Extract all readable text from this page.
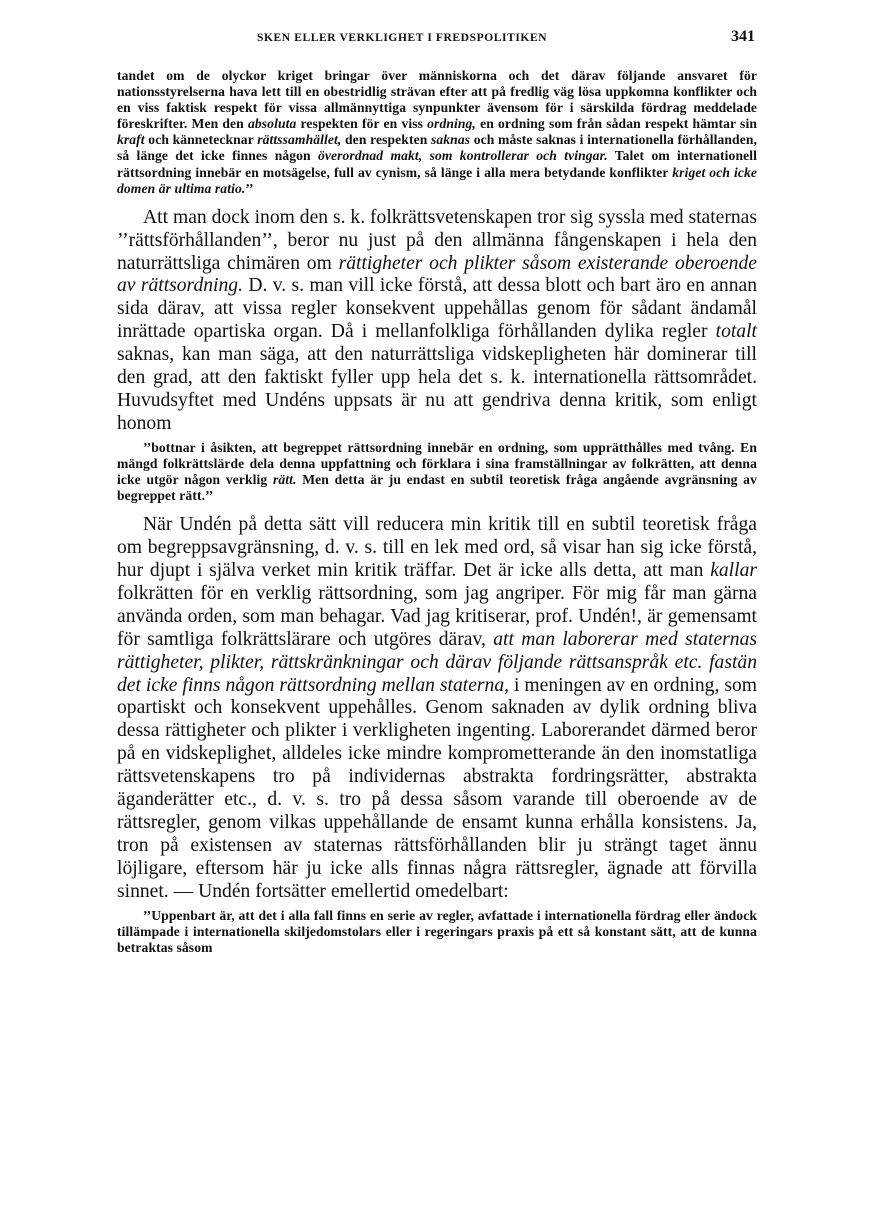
SKEN ELLER VERKLIGHET I FREDSPOLITIKEN	341

tandet om de olyckor kriget bringar över människorna och det därav följande ansvaret för nationsstyrelserna hava lett till en obestridlig strävan efter att på fredlig väg lösa uppkomna konflikter och en viss faktisk respekt för vissa allmännyttiga synpunkter ävensom för i särskilda fördrag meddelade föreskrifter. Men den absoluta respekten för en viss ordning, en ordning som från sådan respekt hämtar sin kraft och kännetecknar rättssamhället, den respekten saknas och måste saknas i internationella förhållanden, så länge det icke finnes någon överordnad makt, som kontrollerar och tvingar. Talet om internationell rättsordning innebär en motsägelse, full av cynism, så länge i alla mera betydande konflikter kriget och icke domen är ultima ratio.’’

Att man dock inom den s. k. folkrättsvetenskapen tror sig syssla med staternas ’’rättsförhållanden’’, beror nu just på den allmänna fångenskapen i hela den naturrättsliga chimären om rättigheter och plikter såsom existerande oberoende av rättsordning. D. v. s. man vill icke förstå, att dessa blott och bart äro en annan sida därav, att vissa regler konsekvent uppehållas genom för sådant ändamål inrättade opartiska organ. Då i mellanfolkliga förhållanden dylika regler totalt saknas, kan man säga, att den naturrättsliga vidskepligheten här dominerar till den grad, att den faktiskt fyller upp hela det s. k. internationella rättsområdet. Huvudsyftet med Undéns uppsats är nu att gendriva denna kritik, som enligt honom

’’bottnar i åsikten, att begreppet rättsordning innebär en ordning, som upprätthålles med tvång. En mängd folkrättslärde dela denna uppfattning och förklara i sina framställningar av folkrätten, att denna icke utgör någon verklig rätt. Men detta är ju endast en subtil teoretisk fråga angående avgränsning av begreppet rätt.’’

När Undén på detta sätt vill reducera min kritik till en subtil teoretisk fråga om begreppsavgränsning, d. v. s. till en lek med ord, så visar han sig icke förstå, hur djupt i själva verket min kritik träffar. Det är icke alls detta, att man kallar folkrätten för en verklig rättsordning, som jag angriper. För mig får man gärna använda orden, som man behagar. Vad jag kritiserar, prof. Undén!, är gemensamt för samtliga folkrättslärare och utgöres därav, att man laborerar med staternas rättigheter, plikter, rättskränkningar och därav följande rättsanspråk etc. fastän det icke finns någon rättsordning mellan staterna, i meningen av en ordning, som opartiskt och konsekvent uppehålles. Genom saknaden av dylik ordning bliva dessa rättigheter och plikter i verkligheten ingenting. Laborerandet därmed beror på en vidskeplighet, alldeles icke mindre komprometterande än den inomstatliga rättsvetenskapens tro på individernas abstrakta fordringsrätter, abstrakta äganderätter etc., d. v. s. tro på dessa såsom varande till oberoende av de rättsregler, genom vilkas uppehållande de ensamt kunna erhålla konsistens. Ja, tron på existensen av staternas rättsförhållanden blir ju strängt taget ännu löjligare, eftersom här ju icke alls finnas några rättsregler, ägnade att förvilla sinnet. — Undén fortsätter emellertid omedelbart:

’’Uppenbart är, att det i alla fall finns en serie av regler, avfattade i internationella fördrag eller ändock tillämpade i internationella skiljedomstolars eller i regeringars praxis på ett så konstant sätt, att de kunna betraktas såsom
